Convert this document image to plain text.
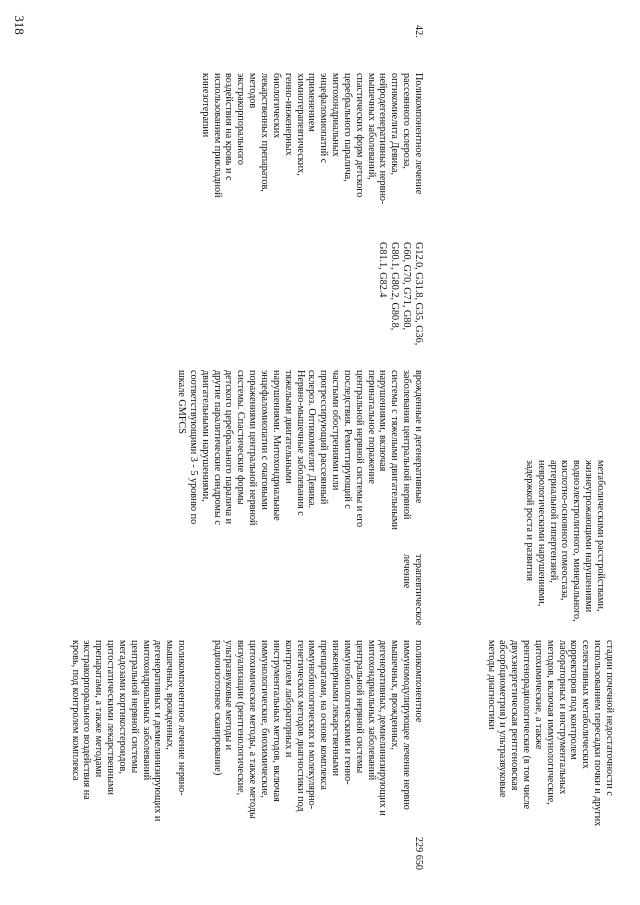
318
метаболическими расстройствами,
жизнеугрожающими нарушениями
водноэлектролитного, минерального,
кислотно-основного гомеостаза,
артериальной гипертензией,
неврологическими нарушениями,
задержкой роста и развития
стадии почечной недостаточности с
использованием пересадки почки и других
селективных метаболических
корректоров под контролем
лабораторных и инструментальных
методов, включая иммунологические,
цитохимические, а также
рентгенорадиологические (в том числе
двухэнергетическая рентгеновская
абсорбциометрия) и ультразвуковые
методы диагностики
42.
Поликомпонентное лечение
рассеянного склероза,
оптикомиелита Девика,
нейродегенеративных нервно-
мышечных заболеваний,
спастических форм детского
церебрального паралича,
митохондриальных
энцефаломиопатий с
применением
химиотерапевтических,
генно-инженерных
биологических
лекарственных препаратов,
методов
экстракорпорального
воздействия на кровь и с
использованием прикладной
кинезотерапии
G12.0, G31.8, G35, G36,
G60, G70, G71, G80,
G80.1, G80.2, G80.8,
G81.1, G82.4
врожденные и дегенеративные
заболевания центральной нервной
системы с тяжелыми двигательными
нарушениями, включая
перинатальное поражение
центральной нервной системы и его
последствия. Ремиттирующий с
частыми обострениями или
прогрессирующий рассеянный
склероз. Оптикомиелит Девика.
Нервно-мышечные заболевания с
тяжелыми двигательными
нарушениями. Митохондриальные
энцефаломиопатии с очаговыми
поражениями центральной нервной
системы. Спастические формы
детского церебрального паралича и
другие паралитические синдромы с
двигательными нарушениями,
соответствующими 3 - 5 уровню по
шкале GMFCS
терапевтическое
лечение
поликомпонентное
иммуномодулирующее лечение нервно
мышечных, врожденных,
дегенеративных, демиелинизирующих и
митохондриальных заболеваний
центральной нервной системы
иммунобиологическими и генно-
инженерными лекарственными
препаратами, на основе комплекса
иммунобиологических и молекулярно-
генетических методов диагностики под
контролем лабораторных и
инструментальных методов, включая
иммунологические, биохимические,
цитохимические методы, а также методы
визуализации (рентгенологические,
ультразвуковые методы и
радиоизотопное сканирование)
поликомпонентное лечение нервно-
мышечных, врожденных,
дегенеративных и демиелинизирующих и
митохондриальных заболеваний
центральной нервной системы
мегадозами кортикостероидов,
цитостатическими лекарственными
препаратами, а также методами
экстракорпорального воздействия на
кровь, под контролем комплекса
229 650
